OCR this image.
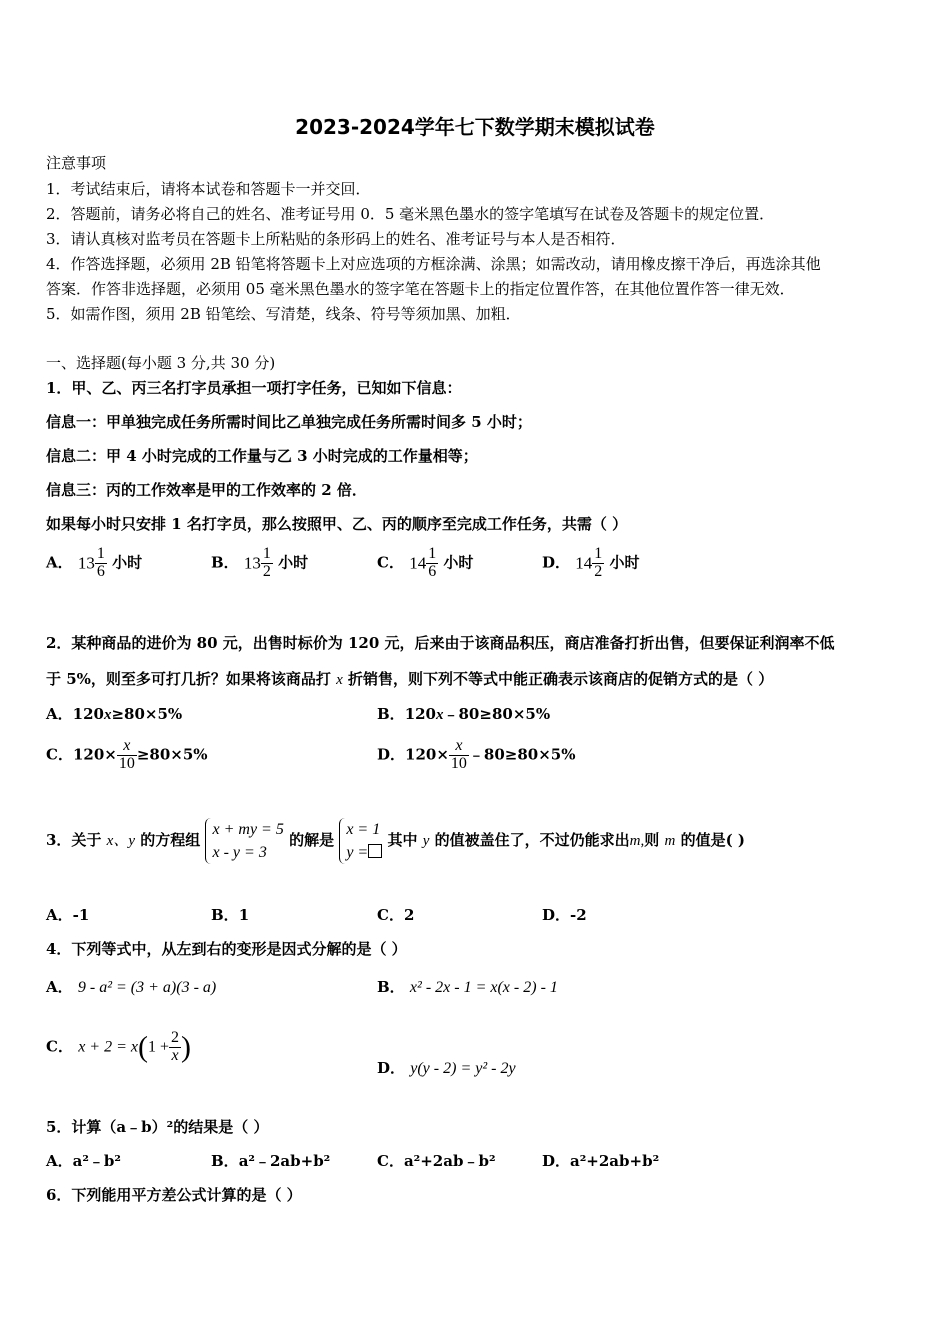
2023-2024学年七下数学期末模拟试卷
注意事项
1．考试结束后，请将本试卷和答题卡一并交回．
2．答题前，请务必将自己的姓名、准考证号用 0．5 毫米黑色墨水的签字笔填写在试卷及答题卡的规定位置．
3．请认真核对监考员在答题卡上所粘贴的条形码上的姓名、准考证号与本人是否相符．
4．作答选择题，必须用 2B 铅笔将答题卡上对应选项的方框涂满、涂黑；如需改动，请用橡皮擦干净后，再选涂其他
答案．作答非选择题，必须用 05 毫米黑色墨水的签字笔在答题卡上的指定位置作答，在其他位置作答一律无效．
5．如需作图，须用 2B 铅笔绘、写清楚，线条、符号等须加黑、加粗．
一、选择题(每小题 3 分,共 30 分)
1．甲、乙、丙三名打字员承担一项打字任务，已知如下信息：
信息一：甲单独完成任务所需时间比乙单独完成任务所需时间多 5 小时；
信息二：甲 4 小时完成的工作量与乙 3 小时完成的工作量相等；
信息三：丙的工作效率是甲的工作效率的 2 倍．
如果每小时只安排 1 名打字员，那么按照甲、乙、丙的顺序至完成工作任务，共需（ ）
A． $13 \frac{1}{6}$ 小时	B． $13 \frac{1}{2}$ 小时	C． $14 \frac{1}{6}$ 小时	D． $14 \frac{1}{2}$ 小时
2．某种商品的进价为 80 元，出售时标价为 120 元，后来由于该商品积压，商店准备打折出售，但要保证利润率不低
于 5%，则至多可打几折？如果将该商品打 x 折销售，则下列不等式中能正确表示该商店的促销方式的是（ ）
A．120x≥80×5%	B．120x﹣80≥80×5%
C．$120\times \frac{x}{10} \ge 80\times 5\%$	D．$120\times \frac{x}{10}$ ﹣80≥80×5%
3．关于 x、y 的方程组
x + my = 5
x - y = 3
的解是
x = 1
y =
其中 y 的值被盖住了，不过仍能求出m,则 m 的值是( )
A．-1	B．1	C．2	D．-2
4．下列等式中，从左到右的变形是因式分解的是（ ）
A． 9 - a² = (3 + a)(3 - a)	B． x² - 2x - 1 = x(x - 2) - 1
C． $x + 2 = x(1 + \frac{2}{x}$ )
D． y(y - 2) = y² - 2y
5．计算（a﹣b）²的结果是（ ）
A．a²﹣b²	B．a²﹣2ab+b²	C．a²+2ab﹣b²	D．a²+2ab+b²
6．下列能用平方差公式计算的是（ ）
